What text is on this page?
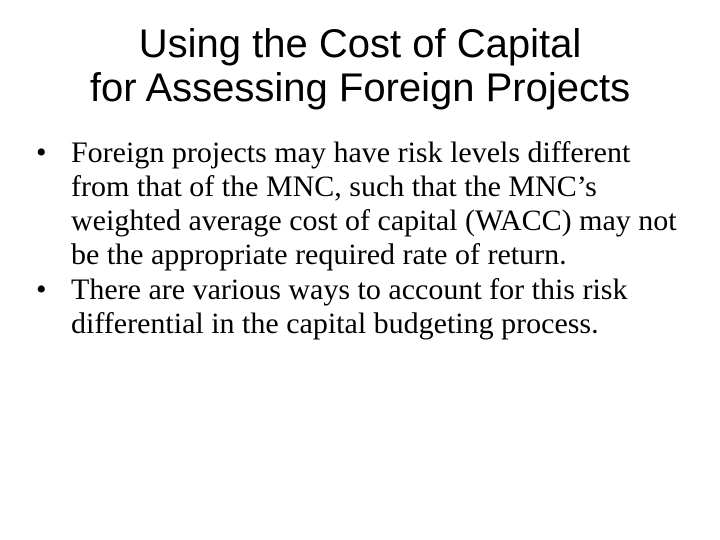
Using the Cost of Capital
for Assessing Foreign Projects
• Foreign projects may have risk levels different from that of the MNC, such that the MNC’s weighted average cost of capital (WACC) may not be the appropriate required rate of return.
• There are various ways to account for this risk differential in the capital budgeting process.
